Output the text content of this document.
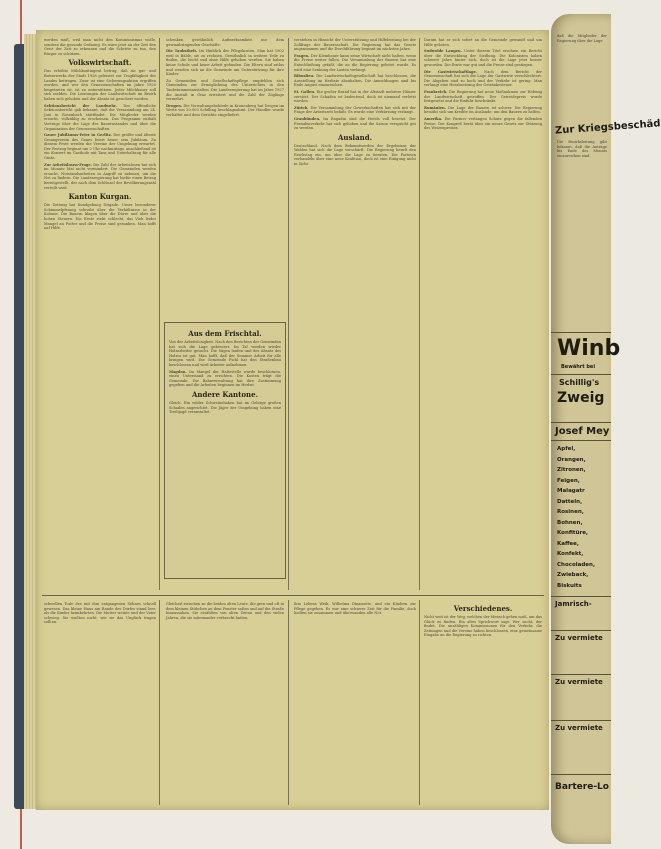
werden muß, weil man nicht den Kommunismus wolle, sondern die gesunde Ordnung. Es wäre jetzt an der Zeit den Geist der Zeit zu erkennen und die Schritte zu tun, den Bürger zu schützen.

Volkswirtschaft.

Das erhöhte Milchkontingent betrug, daß sie gut- und Butterwerks der Stadt 1928 geleistet zur Tragfähigkeit des Landes beitragen. Zwar ist eine Sicherungsaktion ergriffen worden, und wer den Genossenschaften im Jahre 1925 beigetreten ist, ist zu unterstützen. Jeder Milchbauer soll sich melden. Die Leistungen der Landwirtschaft im Bezirk haben sich gehoben und der Absatz ist gesichert worden.

Sektionsbericht der Landwehr. Der öffentliche Sektionsbericht gab bekannt, daß die Versammlung am 24. Juni in Rosenbach stattfindet. Die Mitglieder werden ersucht, vollzählig zu erscheinen. Das Programm enthält Vorträge über die Lage des Bauernstandes und über die Organisation der Genossenschaften.

Gauer Jubiläums-Feier in Gerlitz. Der größte und älteste Gesangverein des Gaues feiert heuer sein Jubiläum. Zu diesem Feste werden die Vereine der Umgebung erwartet. Der Festzug beginnt um 2 Uhr nachmittags, anschließend ist ein Konzert im Gasthofe mit Tanz und Unterhaltung für alle Gäste.

Zur Arbeitslosen-Frage. Die Zahl der Arbeitslosen hat sich im Monate Mai nicht vermindert. Die Gemeinden werden ersucht, Notstandsarbeiten in Angriff zu nehmen, um die Not zu lindern. Die Landesregierung hat hiefür einen Betrag bereitgestellt, der nach dem Schlüssel der Bevölkerungszahl verteilt wird.

Kanton Kurgan.

Die Zeitung hat Kundgebung Drigade. Unser besonderer Schimmelpfennig schreibt über die Verhältnisse in der Kolonie. Die Bauern klagen über die Dürre und über die hohen Steuern. Die Ernte steht schlecht, das Vieh leidet Mangel an Futter und die Preise sind gesunken. Man hofft auf Hilfe.

schenken gewöhnlich Aufmerksamkeit nur dem gewinnbringenden Geschäfte.

Die Taubstheit. Im Hinblick der Pflegekosten, Man hat 1902 weil in Bälde, sie zu rechnen. Gewöhnlich in weitere Teile zu finden, die leicht und ohne Hilfe gehoben werden. Sie haben keine Schule und keine Arbeit gefunden. Die Eltern sind ratlos und wenden sich an die Gemeinde um Unterstützung für ihre Kinder.

Zu Gemeinden und Gesellschaftspflege empfehlen sich Gemeinden zur Ermöglichung des Unterrichtes in den Taubstummenanstalten. Die Landesregierung hat im Jahre 1927 die Anstalt in Graz erweitert und die Zahl der Zöglinge vermehrt.

Drogen. Die Verwaltungsbehörde in Kronenberg hat Drogen im Werte von 20.000 Schilling beschlagnahmt. Der Händler wurde verhaftet und dem Gerichte eingeliefert.

Aus dem Frischtal.

Von der Arbeitslosigkeit. Nach den Berichten der Gemeinden hat sich die Lage gebessert. Im Tal werden wieder Holzarbeiter gesucht. Die Sägen laufen und der Absatz des Holzes ist gut. Man hofft, daß der Sommer Arbeit für alle bringen wird. Die Gemeinde Pichl hat den Straßenbau beschlossen und wird Arbeiter aufnehmen.

Magdon. Im Mangel der Haltestelle wurde beschlossen, einen Unterstand zu errichten. Die Kosten trägt die Gemeinde. Die Bahnverwaltung hat ihre Zustimmung gegeben und die Arbeiten beginnen im Herbst.

Andere Kantone.

Gleich. Ein wilder Schweinehaken hat im Gebirge großen Schaden angerichtet. Die Jäger der Umgebung haben eine Treibjagd veranstaltet.

verstehen in Hinsicht der Unterstützung und Hilfeleistung bei der Zollfrage der Bauernschaft. Die Regierung hat das Gesetz angenommen und die Durchführung beginnt im nächsten Jahre.

Fragen. Der Kleinbauer kann seine Wirtschaft nicht halten, wenn die Preise weiter fallen. Die Versammlung der Bauern hat eine Entschließung gefaßt, die an die Regierung geleitet wurde. Es wird eine Senkung der Lasten verlangt.

Ribuslieu. Die Landwirtschaftsgesellschaft hat beschlossen, die Ausstellung im Herbste abzuhalten. Die Anmeldungen sind bis Ende August einzureichen.

St. Gallen. Ein großer Brand hat in der Altstadt mehrere Häuser zerstört. Der Schaden ist bedeutend, doch ist niemand verletzt worden.

Zürich. Die Versammlung der Gewerkschaften hat sich mit der Frage der Arbeitszeit befaßt. Es wurde eine Verkürzung verlangt.

Graubünden. Im Engadin sind die Hotels voll besetzt. Der Fremdenverkehr hat sich gehoben und die Saison verspricht gut zu werden.

Ausland.

Deutschland. Nach dem Bekanntwerden der Ergebnisse der Wahlen hat sich die Lage verschärft. Die Regierung beruft den Reichstag ein, um über die Lage zu beraten. Die Parteien verhandeln über eine neue Koalition, doch ist eine Einigung nicht in Sicht.

Darum hat er sich sofort an die Gemeinde gewandt und um Hilfe gebeten.

Sudwolde Langen. Unter diesem Titel erschien ein Bericht über die Entwicklung der Siedlung. Die Kolonisten haben schwere Jahre hinter sich, doch ist die Lage jetzt besser geworden. Die Ernte war gut und die Preise sind gestiegen.

Die Gastwirtschaftlage. Nach dem Bericht der Genossenschaft hat sich die Lage der Gastwirte verschlechtert. Die Abgaben sind zu hoch und der Verkehr ist gering. Man verlangt eine Herabsetzung der Getränkesteuer.

Frankreich. Die Regierung hat neue Maßnahmen zur Hebung der Landwirtschaft getroffen. Der Getreidepreis wurde festgesetzt und die Einfuhr beschränkt.

Rumänien. Die Lage der Bauern ist schwer. Die Regierung bemüht sich um Kredite im Auslande, um den Bauern zu helfen.

Amerika. Die Farmer verlangen Schutz gegen die fallenden Preise. Der Kongreß berät über ein neues Gesetz zur Stützung des Weizenpreises.

schwellen Tode des mit ihm entgangenen Söhnes schnell gewesen. Das kleine Haus am Rande des Dorfes stand leer, als die Kinder heimkehrten. Die Mutter weinte und der Vater schwieg. Sie wußten nicht, wie sie das Unglück tragen sollten.

Gleicheit zwischen zu die beiden alten Leute, die gern und oft in dem kleinen Stübchen an dem Fenster saßen und auf die Straße hinaussahen. Sie erzählten von alten Zeiten und den vielen Jahren, die sie miteinander verbracht hatten.

ihm Lebens Weib, Wilhelma Dinamotte, und ein Kindern zur Pflege gegeben. Es war eine schwere Zeit für die Familie, doch hielten sie zusammen und überwanden alle Not.

Verschiedenes.

Nicht weit ist der Weg, welchen der Mensch gehen muß, um das Glück zu finden. Ein altes Sprichwort sagt: Wer sucht, der findet. Die unzähligen Kommissionen für den Verkehr, die Zeitungen und die Vereine haben beschlossen, eine gemeinsame Eingabe an die Regierung zu richten.

daß die Mitglieder der Regierung über die Lage

Zur Kriegsbeschäd

Die Bezirksleitung gibt bekannt, daß die Anträge bis Ende des Monats einzureichen sind.

Winb
Bewährt bei
Schillig's
Zweig
Josef Mey
Apfel,
Orangen,
Zitronen,
Feigen,
Malagatr
Datteln,
Rosinen,
Bohnen,
Konfitüre,
Kaffee,
Konfekt,
Chocoladen,
Zwieback,
Biskuits
Jamrisch-
Zu vermiete
Zu vermiete
Zu vermiete
Bartere-Lo
